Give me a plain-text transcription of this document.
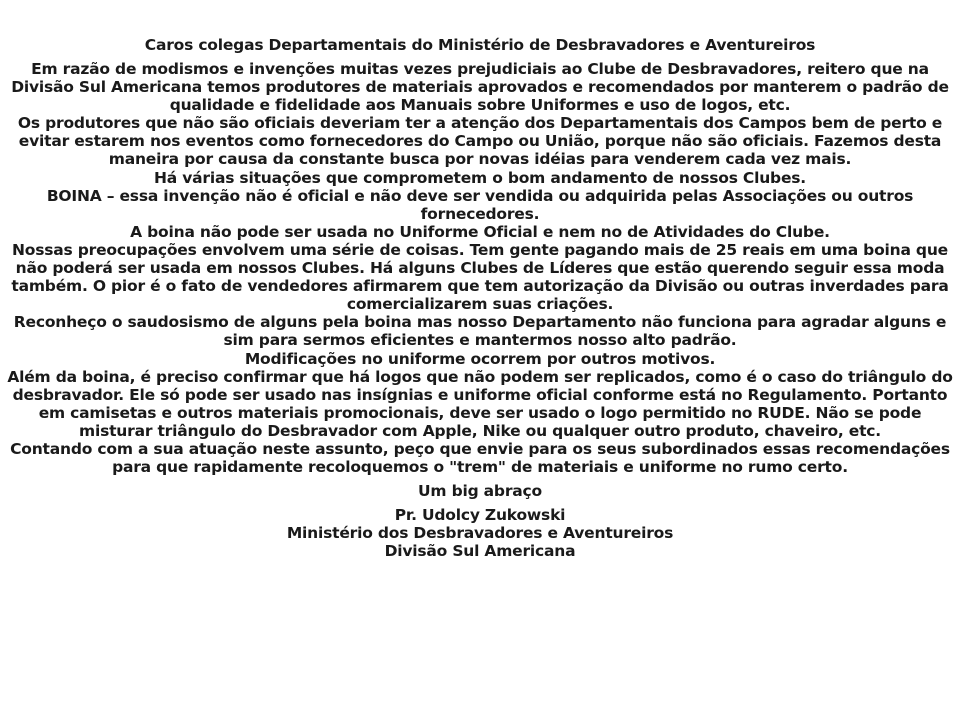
Caros colegas Departamentais do Ministério de Desbravadores e Aventureiros

Em razão de modismos e invenções muitas vezes prejudiciais ao Clube de Desbravadores, reitero que na Divisão Sul Americana temos produtores de materiais aprovados e recomendados por manterem o padrão de qualidade e fidelidade aos Manuais sobre Uniformes e uso de logos, etc.

Os produtores que não são oficiais deveriam ter a atenção dos Departamentais dos Campos bem de perto e evitar estarem nos eventos como fornecedores do Campo ou União, porque não são oficiais. Fazemos desta maneira por causa da constante busca por novas idéias para venderem cada vez mais.

Há várias situações que comprometem o bom andamento de nossos Clubes.

BOINA – essa invenção não é oficial e não deve ser vendida ou adquirida pelas Associações ou outros fornecedores.

A boina não pode ser usada no Uniforme Oficial e nem no de Atividades do Clube.

Nossas preocupações envolvem uma série de coisas. Tem gente pagando mais de 25 reais em uma boina que não poderá ser usada em nossos Clubes. Há alguns Clubes de Líderes que estão querendo seguir essa moda também. O pior é o fato de vendedores afirmarem que tem autorização da Divisão ou outras inverdades para comercializarem suas criações.

Reconheço o saudosismo de alguns pela boina mas nosso Departamento não funciona para agradar alguns e sim para sermos eficientes e mantermos nosso alto padrão.

Modificações no uniforme ocorrem por outros motivos.

Além da boina, é preciso confirmar que há logos que não podem ser replicados, como é o caso do triângulo do desbravador. Ele só pode ser usado nas insígnias e uniforme oficial conforme está no Regulamento. Portanto em camisetas e outros materiais promocionais, deve ser usado o logo permitido no RUDE. Não se pode misturar triângulo do Desbravador com Apple, Nike ou qualquer outro produto, chaveiro, etc.

Contando com a sua atuação neste assunto, peço que envie para os seus subordinados essas recomendações para que rapidamente recoloquemos o "trem" de materiais e uniforme no rumo certo.

Um big abraço
Pr. Udolcy Zukowski
Ministério dos Desbravadores e Aventureiros
Divisão Sul Americana
